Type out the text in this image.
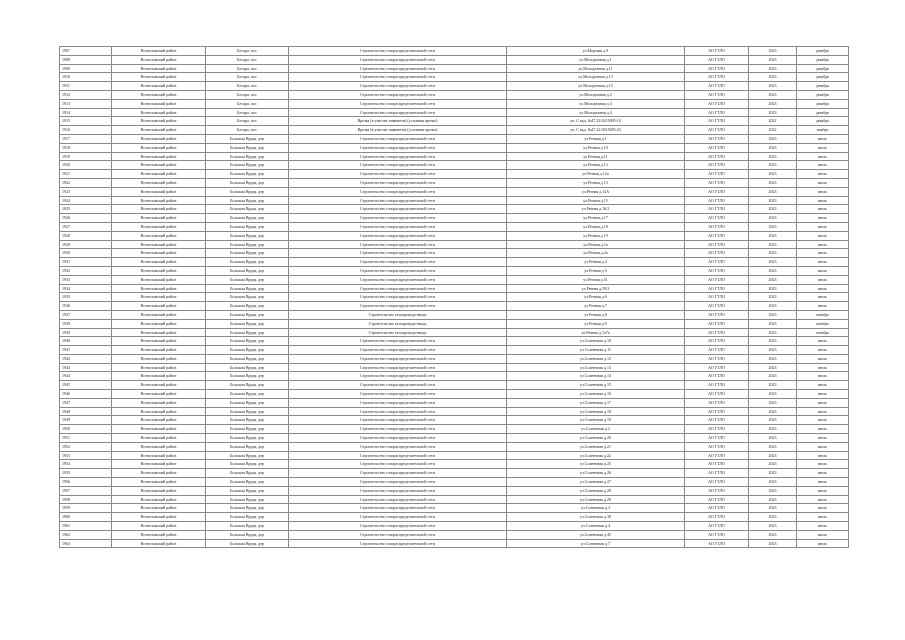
1907	Всеволожский район	Бескра, пос	Строительство газораспределительной сети	ул.Морская д.9	АО ГТЛО	2023	декабрь
1908	Всеволожский район	Бескра, пос	Строительство газораспределительной сети	ул.Молодежная д.1	АО ГТЛО	2023	декабрь
1909	Всеволожский район	Бескра, пос	Строительство газораспределительной сети	ул.Молодежная д.11	АО ГТЛО	2023	декабрь
1910	Всеволожский район	Бескра, пос	Строительство газораспределительной сети	ул.Молодежная д.13	АО ГТЛО	2023	декабрь
1911	Всеволожский район	Бескра, пос	Строительство газораспределительной сети	ул.Молодежная д.15	АО ГТЛО	2023	декабрь
1912	Всеволожский район	Бескра, пос	Строительство газораспределительной сети	ул.Молодежная д.2	АО ГТЛО	2023	декабрь
1913	Всеволожский район	Бескра, пос	Строительство газораспределительной сети	ул.Молодежная д.3	АО ГТЛО	2023	декабрь
1914	Всеволожский район	Бескра, пос	Строительство газораспределительной сети	ул.Молодежная д.4	АО ГТЛО	2023	декабрь
1915	Всеволожский район	Бескра, пос	Врезка (в участке заявителя) (условная врезка)	уч. С кад. №47:22:0215005:10	АО ГТЛО	2022	декабрь
1916	Всеволожский район	Бескра, пос	Врезка (в участке заявителя) (условная врезка)	уч. С кад. №47:22:0215005:23	АО ГТЛО	2022	ноябрь
1917	Всеволожский район	Большая Врудя, дер	Строительство газораспределительной сети	ул.Речная д.1	АО ГТЛО	2023	июль
1918	Всеволожский район	Большая Врудя, дер	Строительство газораспределительной сети	ул.Речная д.10	АО ГТЛО	2023	июль
1919	Всеволожский район	Большая Врудя, дер	Строительство газораспределительной сети	ул.Речная д.11	АО ГТЛО	2023	июль
1920	Всеволожский район	Большая Врудя, дер	Строительство газораспределительной сети	ул.Речная д.12	АО ГТЛО	2023	июль
1921	Всеволожский район	Большая Врудя, дер	Строительство газораспределительной сети	ул.Речная д.12а	АО ГТЛО	2023	июль
1922	Всеволожский район	Большая Врудя, дер	Строительство газораспределительной сети	ул.Речная д.13	АО ГТЛО	2023	июль
1923	Всеволожский район	Большая Врудя, дер	Строительство газораспределительной сети	ул.Речная д.14А	АО ГТЛО	2023	июль
1924	Всеволожский район	Большая Врудя, дер	Строительство газораспределительной сети	ул.Речная д.15	АО ГТЛО	2023	июль
1925	Всеволожский район	Большая Врудя, дер	Строительство газораспределительной сети	ул.Речная д.16/2	АО ГТЛО	2023	июль
1926	Всеволожский район	Большая Врудя, дер	Строительство газораспределительной сети	ул.Речная д.17	АО ГТЛО	2023	июль
1927	Всеволожский район	Большая Врудя, дер	Строительство газораспределительной сети	ул.Речная д.18	АО ГТЛО	2023	июль
1928	Всеволожский район	Большая Врудя, дер	Строительство газораспределительной сети	ул.Речная д.19	АО ГТЛО	2023	июль
1929	Всеволожский район	Большая Врудя, дер	Строительство газораспределительной сети	ул.Речная д.1а	АО ГТЛО	2023	июль
1930	Всеволожский район	Большая Врудя, дер	Строительство газораспределительной сети	ул.Речная д.2а	АО ГТЛО	2023	июль
1931	Всеволожский район	Большая Врудя, дер	Строительство газораспределительной сети	ул.Речная д.4	АО ГТЛО	2023	июль
1932	Всеволожский район	Большая Врудя, дер	Строительство газораспределительной сети	ул.Речная д.5	АО ГТЛО	2023	июль
1933	Всеволожский район	Большая Врудя, дер	Строительство газораспределительной сети	ул.Речная д.51	АО ГТЛО	2023	июль
1934	Всеволожский район	Большая Врудя, дер	Строительство газораспределительной сети	ул.Речная д.59/2	АО ГТЛО	2023	июль
1935	Всеволожский район	Большая Врудя, дер	Строительство газораспределительной сети	ул.Речная д.6	АО ГТЛО	2023	июль
1936	Всеволожский район	Большая Врудя, дер	Строительство газораспределительной сети	ул.Речная д.7	АО ГТЛО	2023	июль
1937	Всеволожский район	Большая Врудя, дер	Строительство газопровода-ввода	ул.Речная д.8	АО ГТЛО	2023	октябрь
1938	Всеволожский район	Большая Врудя, дер	Строительство газопровода-ввода	ул.Речная д.9	АО ГТЛО	2023	октябрь
1939	Всеволожский район	Большая Врудя, дер	Строительство газопровода-ввода	ул.Речная д.1а7а	АО ГТЛО	2023	октябрь
1940	Всеволожский район	Большая Врудя, дер	Строительство газораспределительной сети	ул.Солнечная д.10	АО ГТЛО	2023	июль
1941	Всеволожский район	Большая Врудя, дер	Строительство газораспределительной сети	ул.Солнечная д.11	АО ГТЛО	2023	июль
1942	Всеволожский район	Большая Врудя, дер	Строительство газораспределительной сети	ул.Солнечная д.12	АО ГТЛО	2023	июль
1943	Всеволожский район	Большая Врудя, дер	Строительство газораспределительной сети	ул.Солнечная д.13	АО ГТЛО	2023	июль
1944	Всеволожский район	Большая Врудя, дер	Строительство газораспределительной сети	ул.Солнечная д.14	АО ГТЛО	2023	июль
1945	Всеволожский район	Большая Врудя, дер	Строительство газораспределительной сети	ул.Солнечная д.15	АО ГТЛО	2023	июль
1946	Всеволожский район	Большая Врудя, дер	Строительство газораспределительной сети	ул.Солнечная д.16	АО ГТЛО	2023	июль
1947	Всеволожский район	Большая Врудя, дер	Строительство газораспределительной сети	ул.Солнечная д.17	АО ГТЛО	2023	июль
1948	Всеволожский район	Большая Врудя, дер	Строительство газораспределительной сети	ул.Солнечная д.18	АО ГТЛО	2023	июль
1949	Всеволожский район	Большая Врудя, дер	Строительство газораспределительной сети	ул.Солнечная д.19	АО ГТЛО	2023	июль
1950	Всеволожский район	Большая Врудя, дер	Строительство газораспределительной сети	ул.Солнечная д.2	АО ГТЛО	2023	июль
1951	Всеволожский район	Большая Врудя, дер	Строительство газораспределительной сети	ул.Солнечная д.20	АО ГТЛО	2023	июль
1952	Всеволожский район	Большая Врудя, дер	Строительство газораспределительной сети	ул.Солнечная д.21	АО ГТЛО	2023	июль
1953	Всеволожский район	Большая Врудя, дер	Строительство газораспределительной сети	ул.Солнечная д.22	АО ГТЛО	2023	июль
1954	Всеволожский район	Большая Врудя, дер	Строительство газораспределительной сети	ул.Солнечная д.25	АО ГТЛО	2023	июль
1955	Всеволожский район	Большая Врудя, дер	Строительство газораспределительной сети	ул.Солнечная д.26	АО ГТЛО	2023	июль
1956	Всеволожский район	Большая Врудя, дер	Строительство газораспределительной сети	ул.Солнечная д.27	АО ГТЛО	2023	июль
1957	Всеволожский район	Большая Врудя, дер	Строительство газораспределительной сети	ул.Солнечная д.28	АО ГТЛО	2023	июль
1958	Всеволожский район	Большая Врудя, дер	Строительство газораспределительной сети	ул.Солнечная д.29	АО ГТЛО	2023	июль
1959	Всеволожский район	Большая Врудя, дер	Строительство газораспределительной сети	ул.Солнечная д.3	АО ГТЛО	2023	июль
1960	Всеволожский район	Большая Врудя, дер	Строительство газораспределительной сети	ул.Солнечная д.39	АО ГТЛО	2023	июль
1961	Всеволожский район	Большая Врудя, дер	Строительство газораспределительной сети	ул.Солнечная д.4	АО ГТЛО	2023	июль
1962	Всеволожский район	Большая Врудя, дер	Строительство газораспределительной сети	ул.Солнечная д.45	АО ГТЛО	2023	июль
1963	Всеволожский район	Большая Врудя, дер	Строительство газораспределительной сети	ул.Солнечная д.7	АО ГТЛО	2023	июль
